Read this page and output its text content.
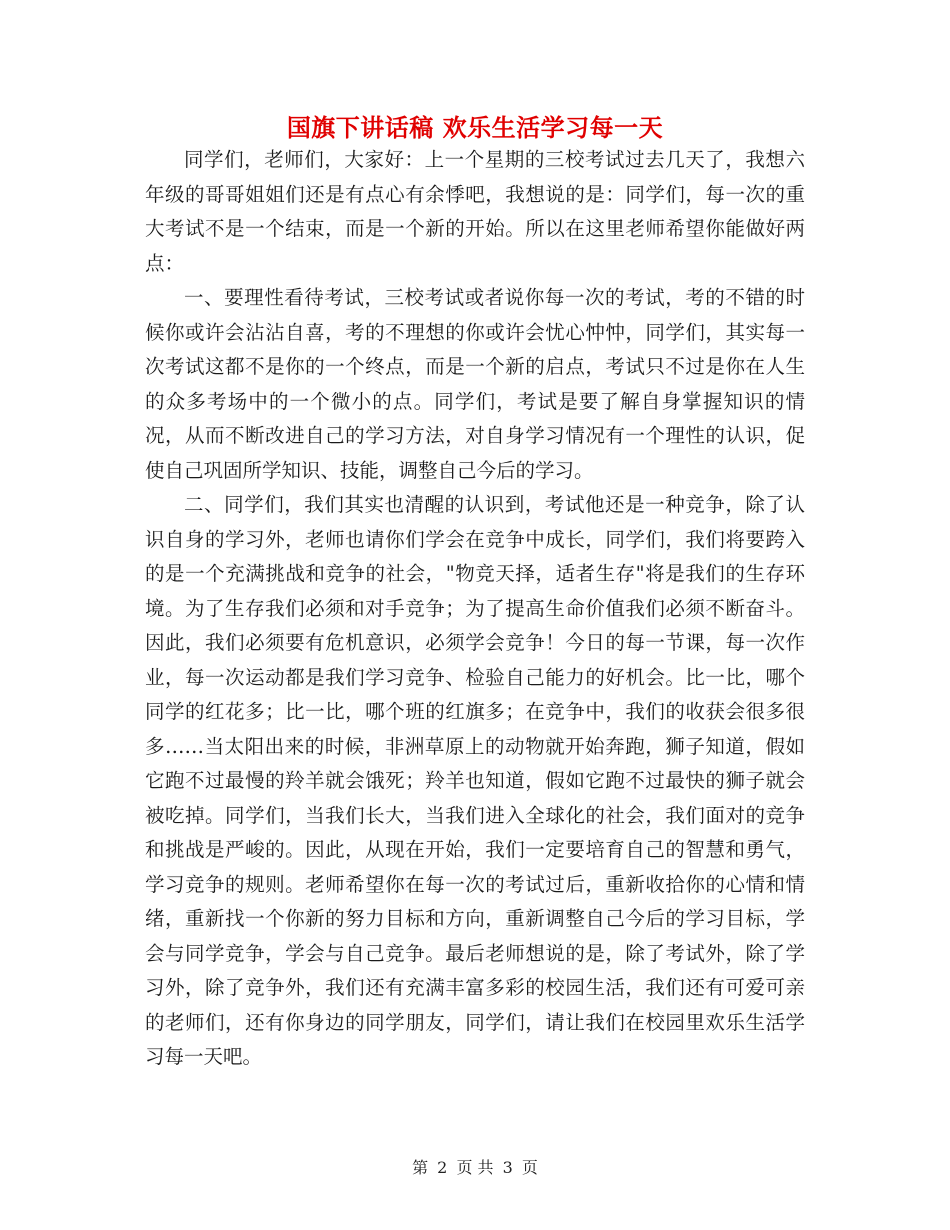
国旗下讲话稿 欢乐生活学习每一天

同学们，老师们，大家好：上一个星期的三校考试过去几天了，我想六年级的哥哥姐姐们还是有点心有余悸吧，我想说的是：同学们，每一次的重大考试不是一个结束，而是一个新的开始。所以在这里老师希望你能做好两点：

一、要理性看待考试，三校考试或者说你每一次的考试，考的不错的时候你或许会沾沾自喜，考的不理想的你或许会忧心忡忡，同学们，其实每一次考试这都不是你的一个终点，而是一个新的启点，考试只不过是你在人生的众多考场中的一个微小的点。同学们，考试是要了解自身掌握知识的情况，从而不断改进自己的学习方法，对自身学习情况有一个理性的认识，促使自己巩固所学知识、技能，调整自己今后的学习。

二、同学们，我们其实也清醒的认识到，考试他还是一种竞争，除了认识自身的学习外，老师也请你们学会在竞争中成长，同学们，我们将要跨入的是一个充满挑战和竞争的社会，"物竞天择，适者生存"将是我们的生存环境。为了生存我们必须和对手竞争；为了提高生命价值我们必须不断奋斗。因此，我们必须要有危机意识，必须学会竞争！今日的每一节课，每一次作业，每一次运动都是我们学习竞争、检验自己能力的好机会。比一比，哪个同学的红花多；比一比，哪个班的红旗多；在竞争中，我们的收获会很多很多……当太阳出来的时候，非洲草原上的动物就开始奔跑，狮子知道，假如它跑不过最慢的羚羊就会饿死；羚羊也知道，假如它跑不过最快的狮子就会被吃掉。同学们，当我们长大，当我们进入全球化的社会，我们面对的竞争和挑战是严峻的。因此，从现在开始，我们一定要培育自己的智慧和勇气，学习竞争的规则。老师希望你在每一次的考试过后，重新收拾你的心情和情绪，重新找一个你新的努力目标和方向，重新调整自己今后的学习目标，学会与同学竞争，学会与自己竞争。最后老师想说的是，除了考试外，除了学习外，除了竞争外，我们还有充满丰富多彩的校园生活，我们还有可爱可亲的老师们，还有你身边的同学朋友，同学们，请让我们在校园里欢乐生活学习每一天吧。

第 2 页 共 3 页
